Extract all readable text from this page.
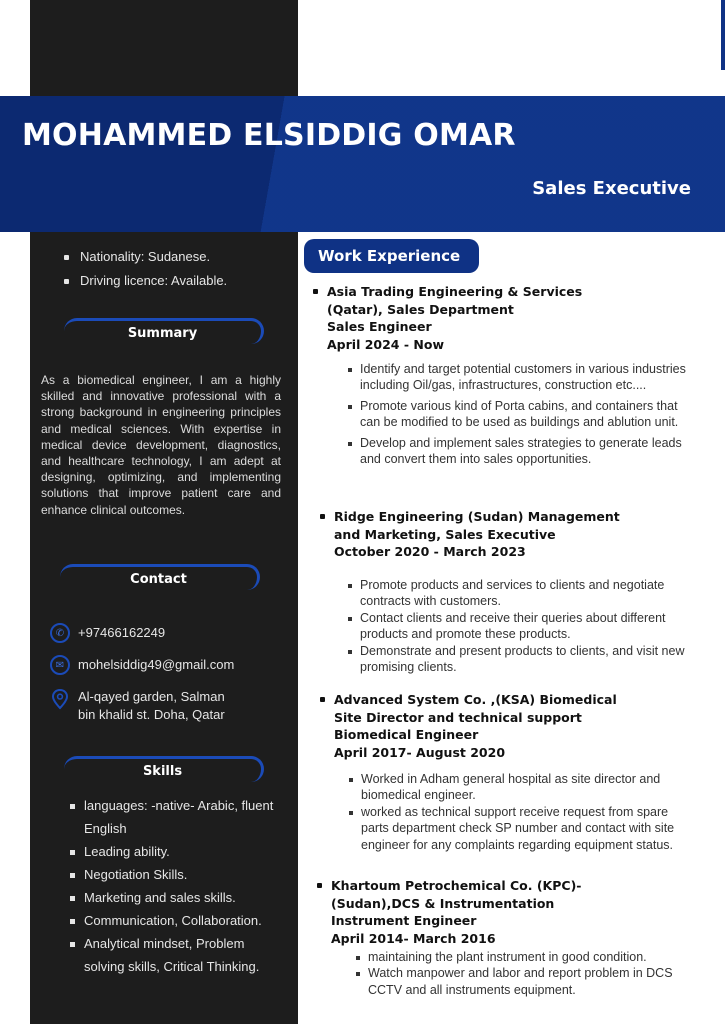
MOHAMMED ELSIDDIG OMAR
Sales Executive
Nationality: Sudanese.
Driving licence: Available.
Summary
As a biomedical engineer, I am a highly skilled and innovative professional with a strong background in engineering principles and medical sciences. With expertise in medical device development, diagnostics, and healthcare technology, I am adept at designing, optimizing, and implementing solutions that improve patient care and enhance clinical outcomes.
Contact
✆	+97466162249
✉	mohelsiddig49@gmail.com
Al-qayed garden, Salman
bin khalid st. Doha, Qatar
Skills
languages: -native- Arabic, fluent English
Leading ability.
Negotiation Skills.
Marketing and sales skills.
Communication, Collaboration.
Analytical mindset, Problem solving skills, Critical Thinking.
Work Experience
Asia Trading Engineering & Services
(Qatar), Sales Department
Sales Engineer
April 2024 - Now
Identify and target potential customers in various industries including Oil/gas, infrastructures, construction etc....
Promote various kind of Porta cabins, and containers that can be modified to be used as buildings and ablution unit.
Develop and implement sales strategies to generate leads and convert them into sales opportunities.
Ridge Engineering (Sudan) Management
and Marketing, Sales Executive
October 2020 - March 2023
Promote products and services to clients and negotiate contracts with customers.
Contact clients and receive their queries about different products and promote these products.
Demonstrate and present products to clients, and visit new promising clients.
Advanced System Co. ,(KSA) Biomedical
Site Director and technical support
Biomedical Engineer
April 2017- August 2020
Worked in Adham general hospital as site director and biomedical engineer.
worked as technical support receive request from spare parts department check SP number and contact with site engineer for any complaints regarding equipment status.
Khartoum Petrochemical Co. (KPC)-
(Sudan),DCS & Instrumentation
Instrument Engineer
April 2014- March 2016
maintaining the plant instrument in good condition.
Watch manpower and labor and report problem in DCS CCTV and all instruments equipment.
